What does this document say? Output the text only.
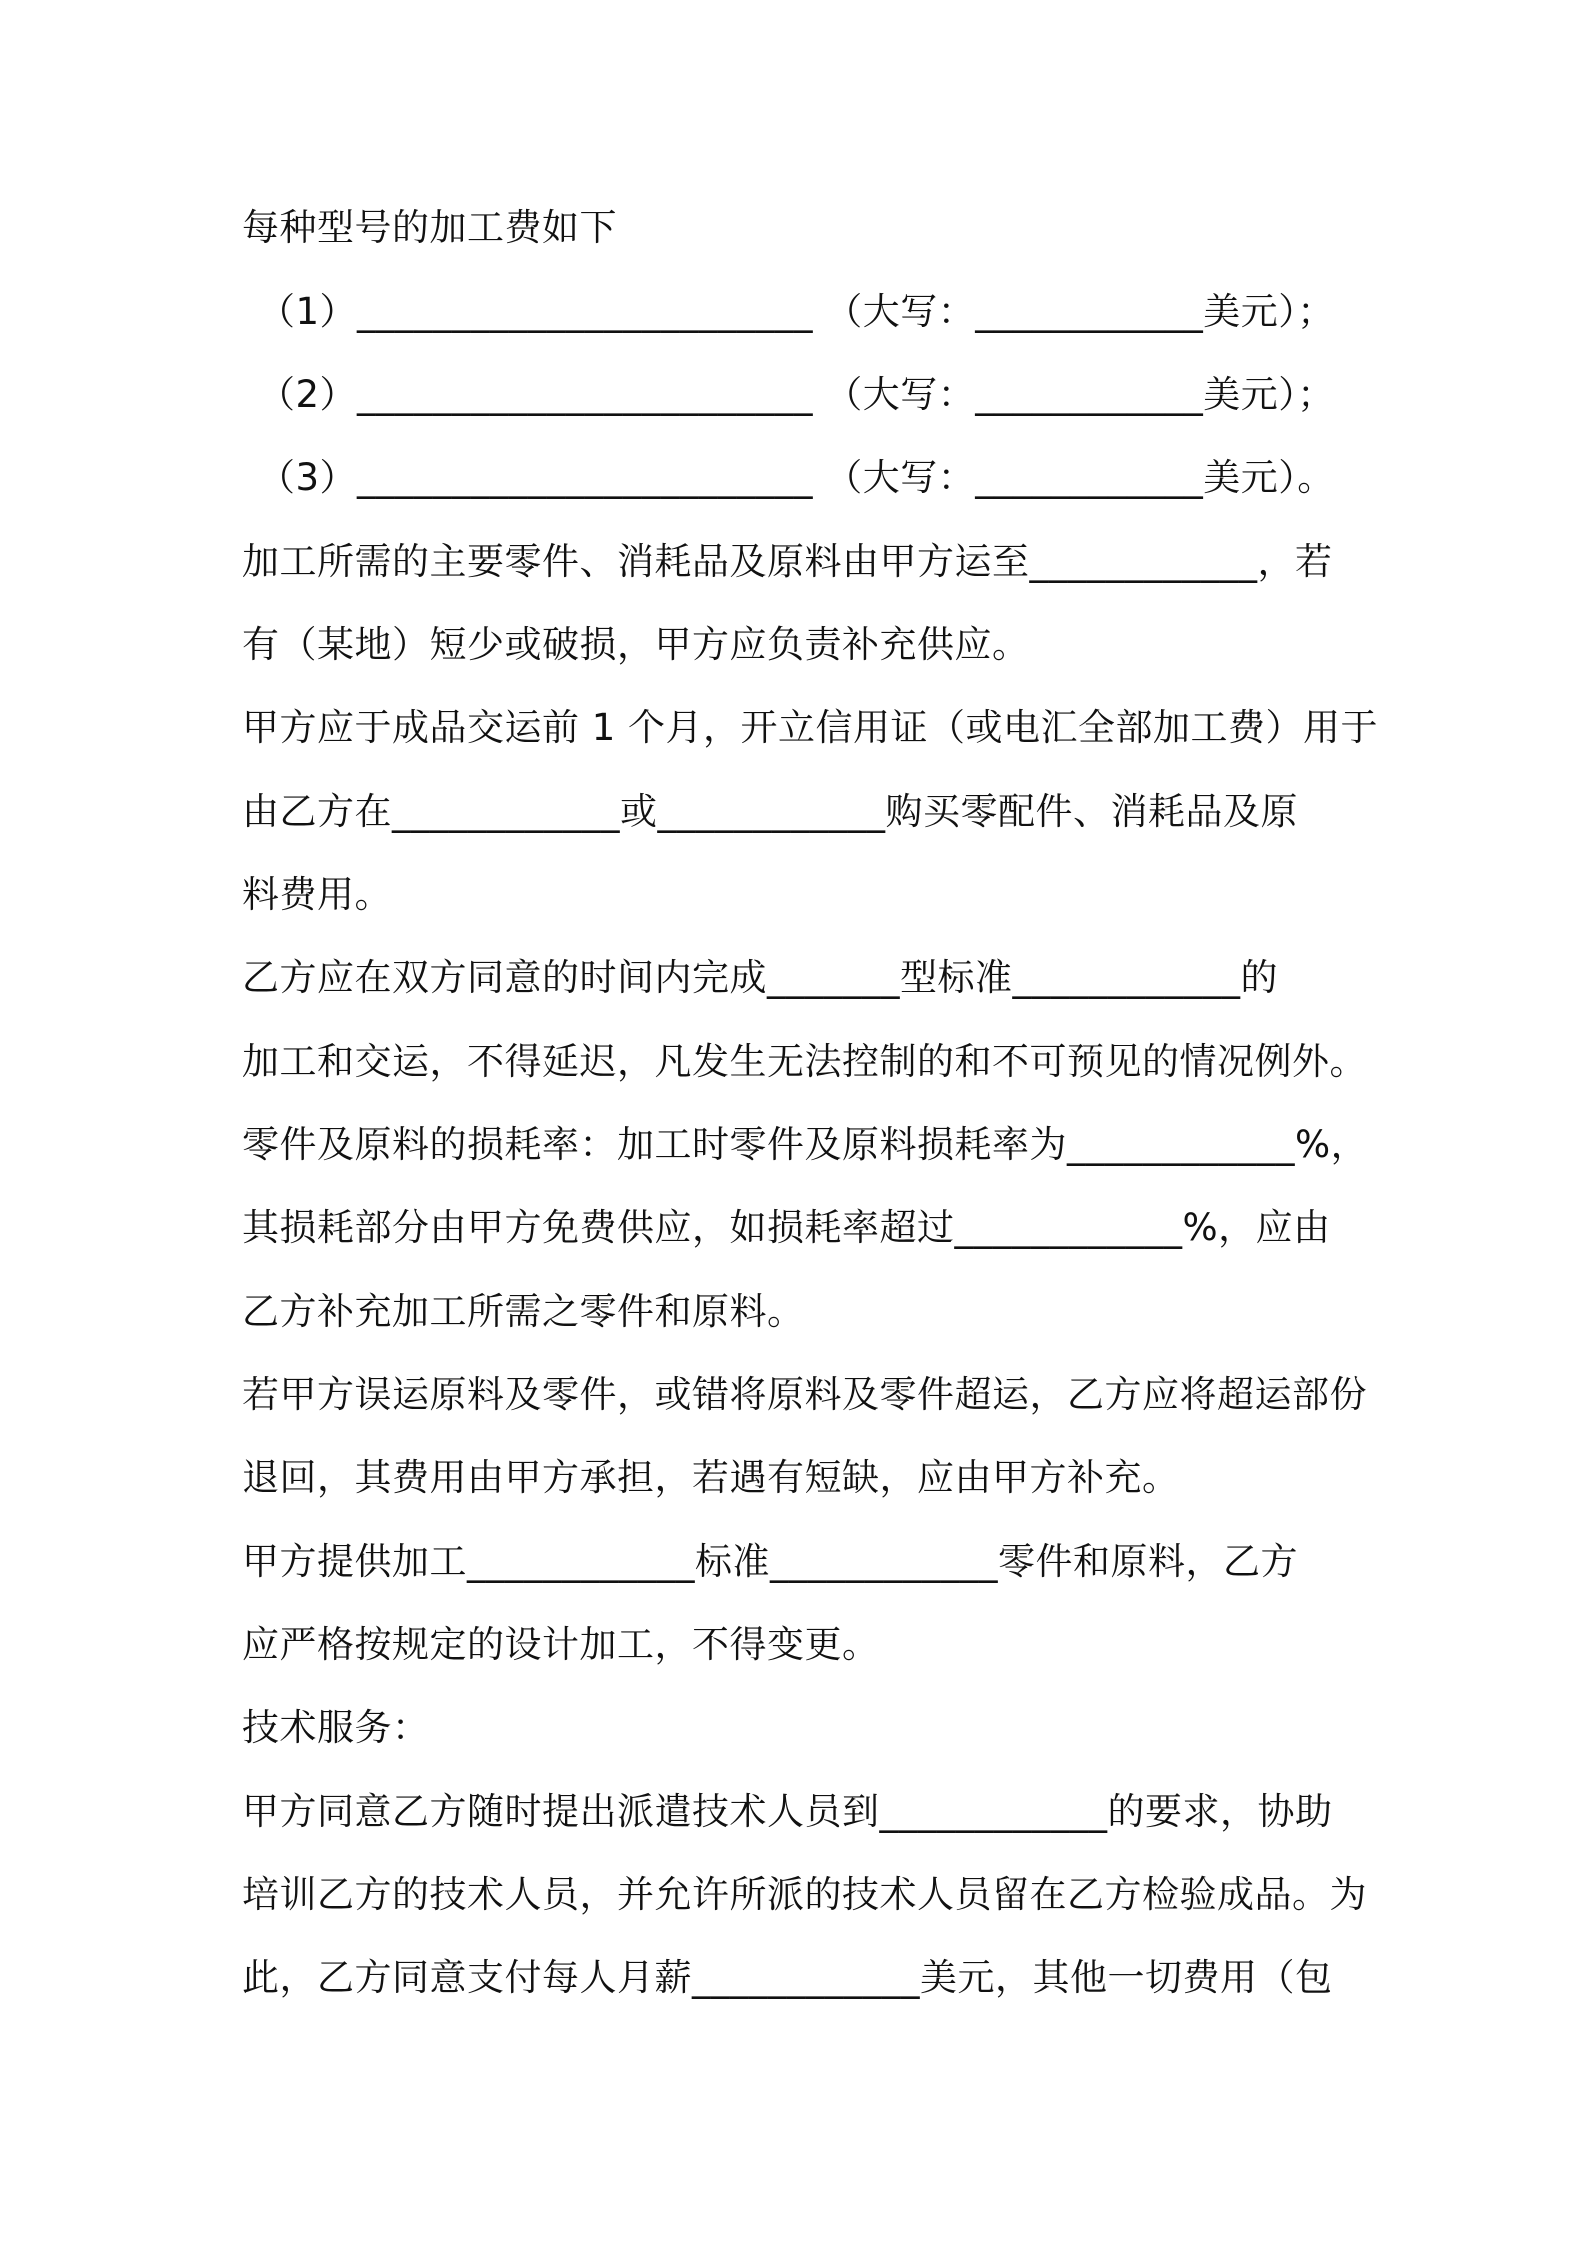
每种型号的加工费如下
（1）________________________ （大写：____________美元）；
（2）________________________ （大写：____________美元）；
（3）________________________ （大写：____________美元）。
加工所需的主要零件、消耗品及原料由甲方运至____________，若
有（某地）短少或破损，甲方应负责补充供应。
甲方应于成品交运前 1 个月，开立信用证（或电汇全部加工费）用于
由乙方在____________或____________购买零配件、消耗品及原
料费用。
乙方应在双方同意的时间内完成_______型标准____________的
加工和交运，不得延迟，凡发生无法控制的和不可预见的情况例外。
零件及原料的损耗率：加工时零件及原料损耗率为____________%，
其损耗部分由甲方免费供应，如损耗率超过____________%，应由
乙方补充加工所需之零件和原料。
若甲方误运原料及零件，或错将原料及零件超运，乙方应将超运部份
退回，其费用由甲方承担，若遇有短缺，应由甲方补充。
甲方提供加工____________标准____________零件和原料，乙方
应严格按规定的设计加工，不得变更。
技术服务：
甲方同意乙方随时提出派遣技术人员到____________的要求，协助
培训乙方的技术人员，并允许所派的技术人员留在乙方检验成品。为
此，乙方同意支付每人月薪____________美元，其他一切费用（包
